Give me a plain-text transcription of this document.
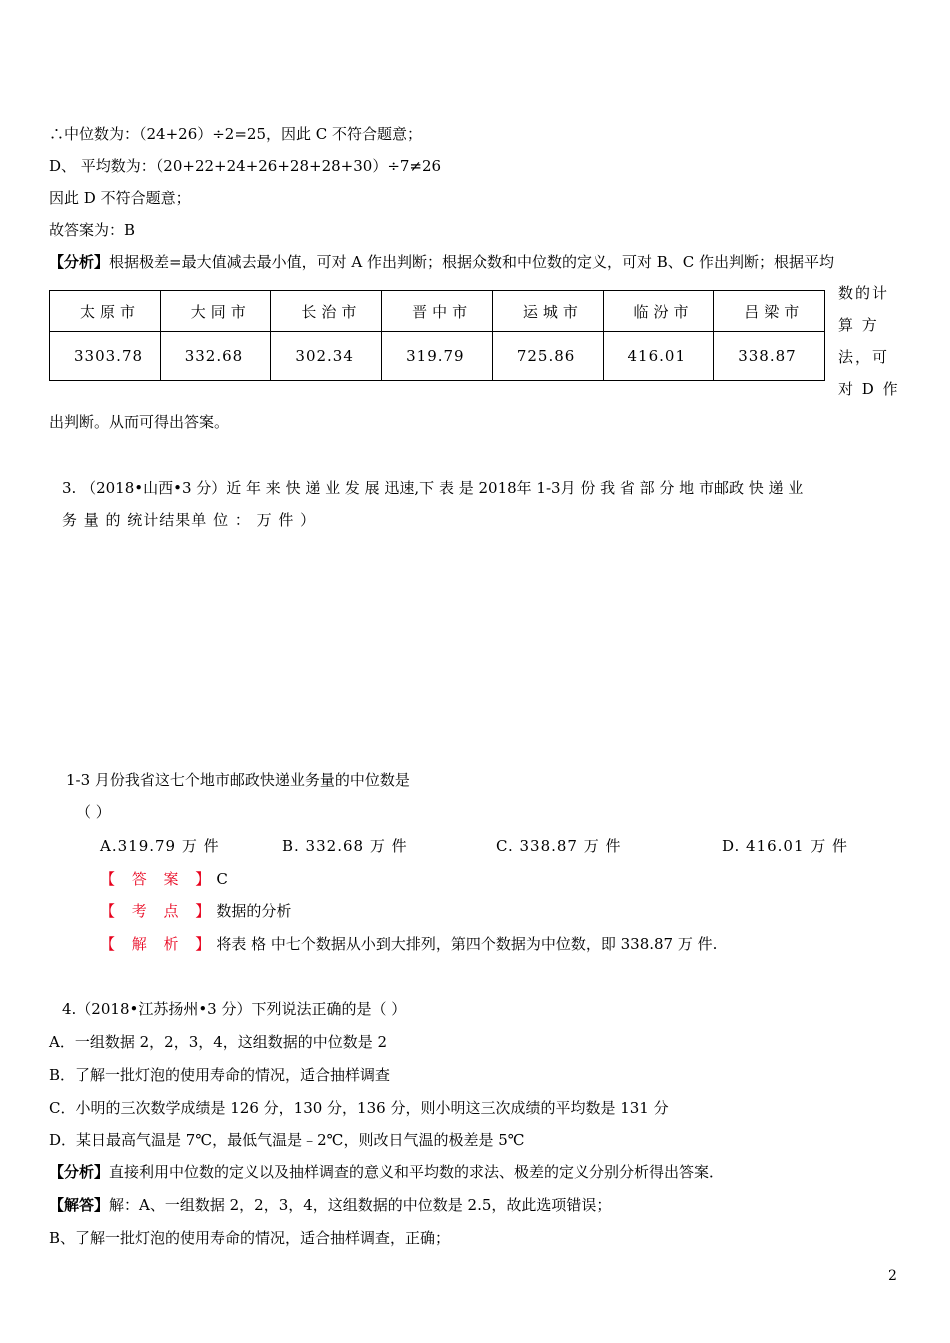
∴中位数为：（24+26）÷2=25，因此 C 不符合题意；
D、 平均数为：（20+22+24+26+28+28+30）÷7≠26
因此 D 不符合题意；
故答案为：B
【分析】根据极差=最大值减去最小值，可对 A 作出判断；根据众数和中位数的定义，可对 B、C 作出判断；根据平均
太原市	大同市	长治市	晋中市	运城市	临汾市	吕梁市
3303.78	332.68	302.34	319.79	725.86	416.01	338.87
数的计
算 方
法，可
对 D 作
出判断。从而可得出答案。
3. （2018•山西•3 分）近 年 来 快 递 业 发 展 迅速,下 表 是 2018年 1-3月 份 我 省 部 分 地 市邮政 快 递 业
务 量 的 统计结果单 位 ： 万 件 ）
1-3 月份我省这七个地市邮政快递业务量的中位数是
（ ）
A.319.79 万 件	B. 332.68 万 件	C. 338.87 万 件	D. 416.01 万 件
【 答 案 】C
【 考 点 】数据的分析
【 解 析 】将表 格 中七个数据从小到大排列，第四个数据为中位数，即 338.87 万 件.
4.（2018•江苏扬州•3 分）下列说法正确的是（ ）
A．一组数据 2，2，3，4，这组数据的中位数是 2
B．了解一批灯泡的使用寿命的情况，适合抽样调查
C．小明的三次数学成绩是 126 分，130 分，136 分，则小明这三次成绩的平均数是 131 分
D．某日最高气温是 7℃，最低气温是﹣2℃，则改日气温的极差是 5℃
【分析】直接利用中位数的定义以及抽样调查的意义和平均数的求法、极差的定义分别分析得出答案．
【解答】解：A、一组数据 2，2，3，4，这组数据的中位数是 2.5，故此选项错误；
B、了解一批灯泡的使用寿命的情况，适合抽样调查，正确；
2
